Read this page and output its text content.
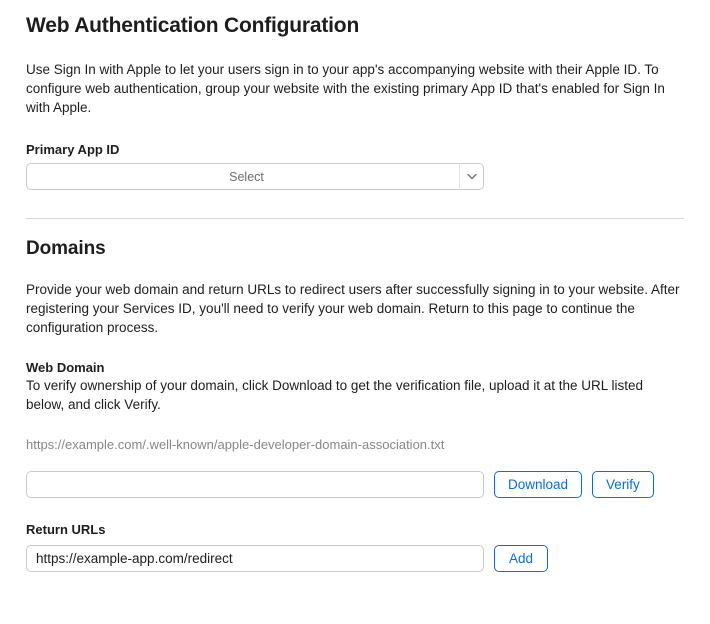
Web Authentication Configuration

Use Sign In with Apple to let your users sign in to your app's accompanying website with their Apple ID. To configure web authentication, group your website with the existing primary App ID that's enabled for Sign In with Apple.

Primary App ID
Select
Domains

Provide your web domain and return URLs to redirect users after successfully signing in to your website. After registering your Services ID, you'll need to verify your web domain. Return to this page to continue the configuration process.

Web Domain

To verify ownership of your domain, click Download to get the verification file, upload it at the URL listed below, and click Verify.

https://example.com/.well-known/apple-developer-domain-association.txt
Download	Verify
Return URLs
https://example-app.com/redirect
Add
